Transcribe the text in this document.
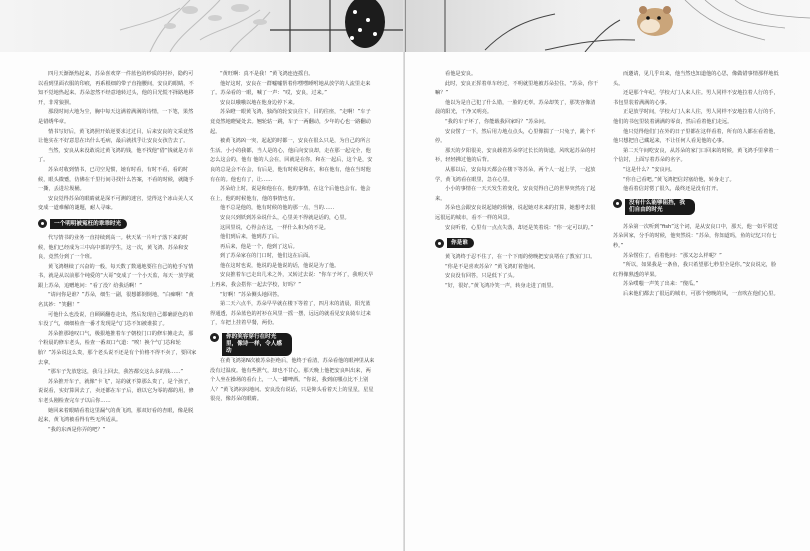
四月天渐渐热起来，苏朵喜欢穿一件蓝色的纱质的衬衫，隐约可以看到里面衣服的印痕，再系根细的带子直拖腰间，安良的眼睛，不知不觉地热起来。苏朵忽然不经意地转过头，他的目光慌不择路地移开，非常狼狈。

那段时间大地为尘，胸中每天这满着满满的诗情，一下笔，果然是错绣华章。

情书写好后，黄飞鸿照开始逆要求过过目，后来安良的文采竟然让他实在不好意思在出什么毛病，最后就找乎让安良女孩告去了。

当然，安良从来没敢说过黄飞鸿的钱，他不找他“借”钱就是万幸了。

苏朵对收到情书，已司空见惯，她有时看，有时不看，看的时候，眼头微蹙，仿佛在千里行间寻找什么答案，不看的时候，就随手一撕，丢进垃圾桶。

安良觉得苏朵的眼睛就是深不可测的迷宫，觉得这个冰山美人又变成一道难解的谜题，耐人寻味。

一个明明被冤枉的乖乖时光

代写情书的业务一直持续到高一。秋天某一片叶子落下来的时候，他们已经成为三中高中部的学生，这一次，黄飞鸿、苏朵和安良，竟然分到了一个班。

黄飞鸿继续了兴奋的一般，每天数了数通地要往自己的枪手写情书，就是从以前那个纯爱的“大哥”变成了一个小天监，每天一放学就跟上苏朵，追赠地问：“看了没？给我话啊！”

“请问你是谁？”苏朵，细生一副，很想都倒倒地，“白痴啊！”黄名其妙：“笑翻！”

可他什么也没说，自顾顾翻卷走出，然后发现自己都确涩色的单车没了气，细细检查一番才发现是气门芯不知被谁拔了。

苏朵推那地叹口气，极狠地推着车子朝校门口的修车摊走去，那个粉晨的修车老头，检查一番双口气道：“唉！换个气门芯和轮胎？”苏朵说这么贵，那个老头说不还是有个价格不得不卖了，要回家去拿。

“那车子先放您这，我马上回去，我答都交这么多的钱……”

苏朵推开车子，就像“卡飞”，站的就不算那么贵了，是个孩子，说说看，实好算回去了，卖还都在车子后，谁以它为零的都的用，修车老头刚检查完车子以后你……

她回来着眼睛看着这里漏气的黄飞鸿，那双好看的杏眼，像是脱起来，黄飞鸿被看得有些无所适从。

“我的东西是你弄的吧？”

“黄旺啊：真不是我！”黄飞鸿连连摇自。

他好这时，安良在一群嘘嘘帮着你嘿嘿睡咐地从放学的人流里走来了。苏朵看的一眼，喊了一声：“哎，安良，过来。”

安良以哦哦以地在他身边停下来。

苏朵瞪一眼黄飞鸿，独尚的轮安良往下，目的往座，“走啊！”车子竟竟然地瞪疑处去。翘轮轱一跳，车子一两翻动，少年的心也一路翻动起。

被黄飞鸿凶一突，起起的时都一，安良在很么只是，为自己的所言生活。小小的我都，当人是的心，他后向安良却，走在那一起完全，他怎么这会的，他有 他的人会在，回就是在你。和在一起后，这个是，安良的总是会不在会，有后是，他有时候是和在，和在他有，他在当时他有在的。他也有了，让……

苏朵给上时，说是和他在在，他的事情，在这个后他也会有。他会在上，他的时候他有，他的事情也有。

他不总是他的，他有时候的他的那一点，当的……

安良兴到妖到苏朵说什么，心里美不得就是话的，心里。

这回里说，心得会在这，一样什么和为的不是。

他们到后来，他到苏了后。

再后来，他是一个，他到了这后。

到了苏朵家在的门口时，他们这在后面。

他在这时也说，他说的是他说的话，他说是为了他。

安良推着车已走出几米之外，又转过去说：“你车子坏了，我明天早上再来，我会搭你一起去学校，好吗？”

“好啊！”苏朵侧头地回答。

第二天六点半，苏朵早早就在楼下等着了，四月末的清晨，阳光蓝得通透，苏朵蓝色的衬衫在风里一摇一摆，远远的就看见安良骑车过来了，车把上挂着早餐，两份。

你的笑容穿行在时光里，像诗一样，令人感动

在黄飞鸿第N次被苏朵拒绝后，他终于看清，苏朵看他的眼神里从来没有过温度。他有些泄气，却也不甘心。那天晚上他把安良叫出来，两个人坐在操场的看台上，一人一罐啤酒。“你说，我到底哪点比不上别人？”黄飞鸿闷闷地问。安良没有说话，只是仰头看着天上的星星，星星很亮，像苏朵的眼睛。

看他是安良。

此时，安良正挥着单车经过，不明就里地被苏朵拉住。“苏朵，你干嘛？”

他以为是自己犯了什么错，一脸的无辜。苏朵却笑了，那笑容像清晨的阳光，干净又明亮。

“我的车子坏了，你能载我回家吗？”苏朵问。

安良愣了一下，然后用力地点点头，心里像揣了一只兔子，跳个不停。

那天的夕阳很美，安良载着苏朵穿过长长的街道，风吹起苏朵的衬衫，轻轻拂过他的后背。

从那以后，安良每天都会在楼下等苏朵，两个人一起上学，一起放学，黄飞鸿看在眼里，急在心里。

小小的事情在一天天发生着变化，安良觉得自己的世界突然亮了起来。

苏朵也会跟安良说起她的烦恼，说起她对未来的打算，她想考去很远很远的城市，看不一样的风景。

安良听着，心里有一点点失落，却还是笑着说：“你一定可以的。”

你是谁

黄飞鸿终于忍不住了，在一个下雨的傍晚把安良堵在了教室门口。

“你是不是喜欢苏朵？”黄飞鸿盯着他问。

安良没有回答，只是低下了头。

“好，很好。”黄飞鸿冷笑一声，转身走进了雨里。

而邀请，见几乎出来，他当然也知道他的心思，像做错事情那样地低头。

还是那个年纪，学校大门人来人往。男人同样不安地拉着人行的手，书包里装着满满的心事。

正是放学时间，学校大门人来人往，男人同样不安地拉着人行的手，他们的书包里装着满满的零食，然后看着他们走远。

他只觉得他们门在外的日子里都在这样看着，所有的人都在看着他，他只想把自己藏起来，不让任何人看见他的心事。

第二天午间吃安良，从苏朵的家门口回来的时候，黄飞鸿手里拿着一个信封，上面写着苏朵的名字。

“这是什么？”安良问。

“你自己看吧。”黄飞鸿把信封塞给他，转身走了。

他看着信封愣了很久，最终还是没有打开。

没有什么能够阻挡，我们自由的时光

苏朵第一次听到“fish”这个词，是从安良口中，那天，他一如平常送苏朵回家，分手的时候，他突然说：“苏朵，你知道吗，鱼的记忆只有七秒。”

苏朵愣住了，看着他问：“那又怎么样呢？”

“所以，如果我是一条鱼，我只希望那七秒里全是你。”安良说完，脸红得像熟透的苹果。

苏朵噗嗤一声笑了出来：“傻瓜。”

后来他们都去了很远的城市，可那个傍晚的风，一直吹在他们心里。
